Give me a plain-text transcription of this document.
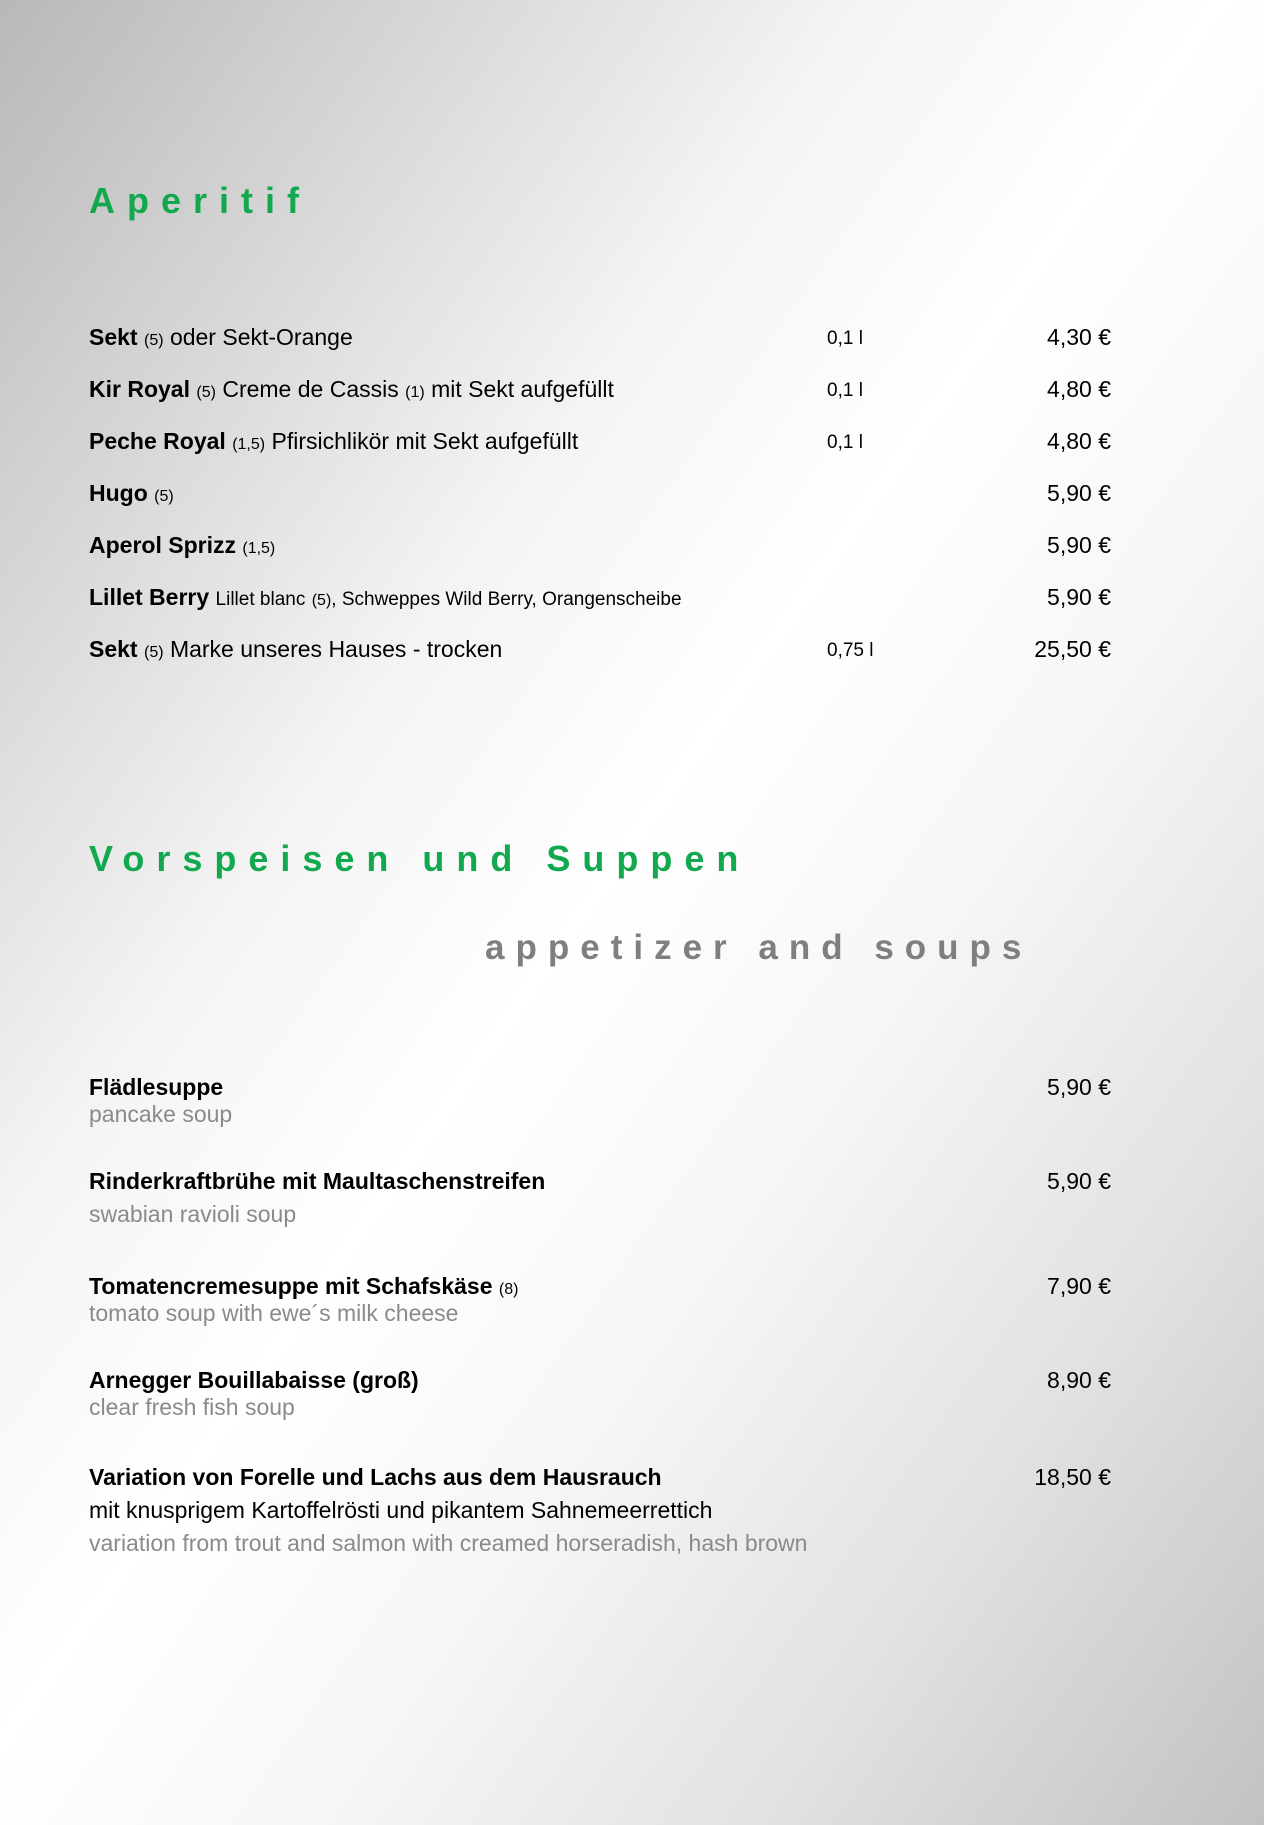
Aperitif
Sekt (5) oder Sekt-Orange	0,1 l	4,30 €
Kir Royal (5) Creme de Cassis (1) mit Sekt aufgefüllt	0,1 l	4,80 €
Peche Royal (1,5) Pfirsichlikör mit Sekt aufgefüllt	0,1 l	4,80 €
Hugo (5)	5,90 €
Aperol Sprizz (1,5)	5,90 €
Lillet Berry Lillet blanc (5), Schweppes Wild Berry, Orangenscheibe	5,90 €
Sekt (5) Marke unseres Hauses - trocken	0,75 l	25,50 €
Vorspeisen und Suppen
appetizer and soups
Flädlesuppe
pancake soup
5,90 €
Rinderkraftbrühe mit Maultaschenstreifen
swabian ravioli soup
5,90 €
Tomatencremesuppe mit Schafskäse (8)
tomato soup with ewe´s milk cheese
7,90 €
Arnegger Bouillabaisse (groß)
clear fresh fish soup
8,90 €
Variation von Forelle und Lachs aus dem Hausrauch
mit knusprigem Kartoffelrösti und pikantem Sahnemeerrettich
variation from trout and salmon with creamed horseradish, hash brown
18,50 €
